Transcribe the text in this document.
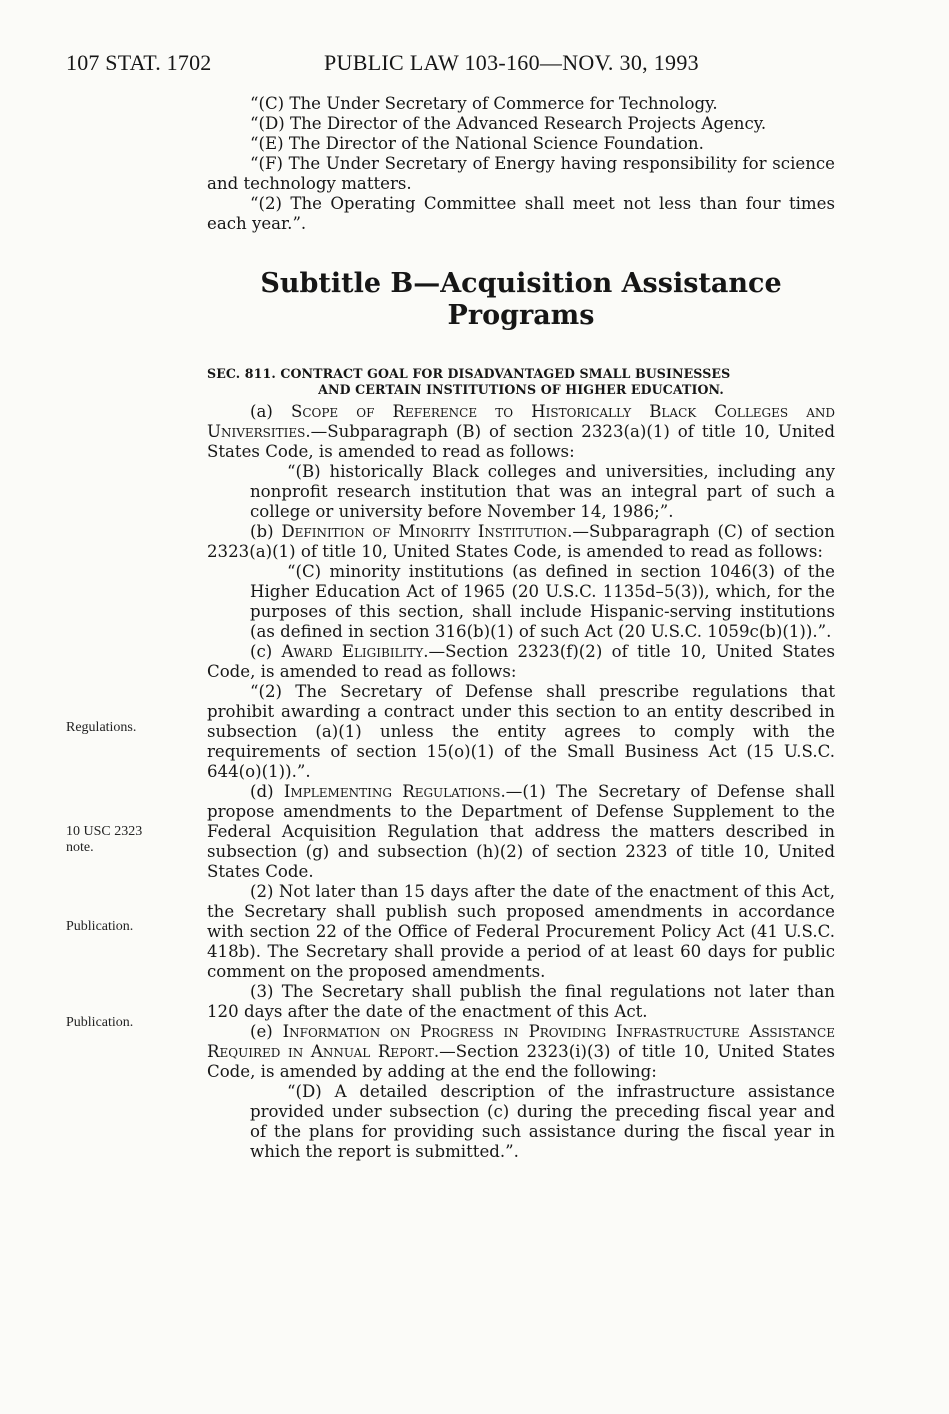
107 STAT. 1702	PUBLIC LAW 103-160—NOV. 30, 1993
Regulations.
10 USC 2323
note.
Publication.
Publication.

“(C) The Under Secretary of Commerce for Technology.

“(D) The Director of the Advanced Research Projects Agency.

“(E) The Director of the National Science Foundation.

“(F) The Under Secretary of Energy having responsibility for science and technology matters.

“(2) The Operating Committee shall meet not less than four times each year.”.

Subtitle B—Acquisition Assistance
Programs
SEC. 811. CONTRACT GOAL FOR DISADVANTAGED SMALL BUSINESSES
AND CERTAIN INSTITUTIONS OF HIGHER EDUCATION.

(a) Scope of Reference to Historically Black Colleges and Universities.—Subparagraph (B) of section 2323(a)(1) of title 10, United States Code, is amended to read as follows:

“(B) historically Black colleges and universities, including any nonprofit research institution that was an integral part of such a college or university before November 14, 1986;”.

(b) Definition of Minority Institution.—Subparagraph (C) of section 2323(a)(1) of title 10, United States Code, is amended to read as follows:

“(C) minority institutions (as defined in section 1046(3) of the Higher Education Act of 1965 (20 U.S.C. 1135d–5(3)), which, for the purposes of this section, shall include Hispanic-serving institutions (as defined in section 316(b)(1) of such Act (20 U.S.C. 1059c(b)(1)).”.

(c) Award Eligibility.—Section 2323(f)(2) of title 10, United States Code, is amended to read as follows:

“(2) The Secretary of Defense shall prescribe regulations that prohibit awarding a contract under this section to an entity described in subsection (a)(1) unless the entity agrees to comply with the requirements of section 15(o)(1) of the Small Business Act (15 U.S.C. 644(o)(1)).”.

(d) Implementing Regulations.—(1) The Secretary of Defense shall propose amendments to the Department of Defense Supplement to the Federal Acquisition Regulation that address the matters described in subsection (g) and subsection (h)(2) of section 2323 of title 10, United States Code.

(2) Not later than 15 days after the date of the enactment of this Act, the Secretary shall publish such proposed amendments in accordance with section 22 of the Office of Federal Procurement Policy Act (41 U.S.C. 418b). The Secretary shall provide a period of at least 60 days for public comment on the proposed amendments.

(3) The Secretary shall publish the final regulations not later than 120 days after the date of the enactment of this Act.

(e) Information on Progress in Providing Infrastructure Assistance Required in Annual Report.—Section 2323(i)(3) of title 10, United States Code, is amended by adding at the end the following:

“(D) A detailed description of the infrastructure assistance provided under subsection (c) during the preceding fiscal year and of the plans for providing such assistance during the fiscal year in which the report is submitted.”.
